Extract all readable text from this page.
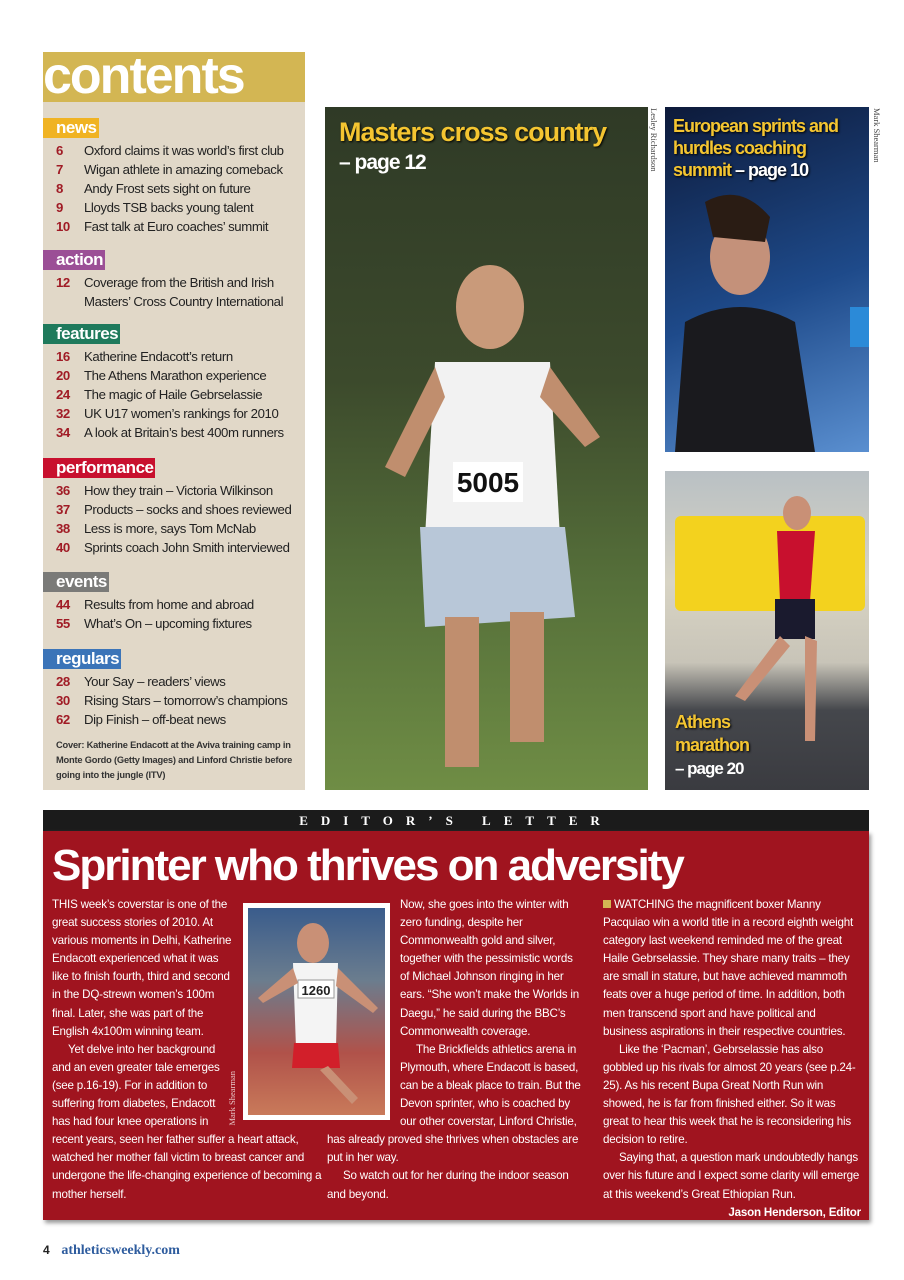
contents
news
6	Oxford claims it was world’s first club
7	Wigan athlete in amazing comeback
8	Andy Frost sets sight on future
9	Lloyds TSB backs young talent
10	Fast talk at Euro coaches’ summit
action
12	Coverage from the British and Irish Masters’ Cross Country International
features
16	Katherine Endacott’s return
20	The Athens Marathon experience
24	The magic of Haile Gebrselassie
32	UK U17 women’s rankings for 2010
34	A look at Britain’s best 400m runners
performance
36	How they train – Victoria Wilkinson
37	Products – socks and shoes reviewed
38	Less is more, says Tom McNab
40	Sprints coach John Smith interviewed
events
44	Results from home and abroad
55	What’s On – upcoming fixtures
regulars
28	Your Say – readers’ views
30	Rising Stars – tomorrow’s champions
62	Dip Finish – off-beat news
Cover: Katherine Endacott at the Aviva training camp in Monte Gordo (Getty Images) and Linford Christie before going into the jungle (ITV)
5005
Masters cross country
– page 12	Lesley Richardson European sprints and hurdles coaching summit – page 10
Mark Shearman
Athens marathon
– page 20
EDITOR’S LETTER
Sprinter who thrives on adversity

THIS week’s coverstar is one of the great success stories of 2010. At various moments in Delhi, Katherine Endacott experienced what it was like to finish fourth, third and second in the DQ-strewn women’s 100m final. Later, she was part of the English 4x100m winning team.

Yet delve into her background and an even greater tale emerges (see p.16-19). For in addition to suffering from diabetes, Endacott has had four knee operations in recent years, seen her father suffer a heart attack, watched her mother fall victim to breast cancer and undergone the life-changing experience of becoming a mother herself.

Now, she goes into the winter with zero funding, despite her Commonwealth gold and silver, together with the pessimistic words of Michael Johnson ringing in her ears. “She won’t make the Worlds in Daegu,” he said during the BBC’s Commonwealth coverage.

The Brickfields athletics arena in Plymouth, where Endacott is based, can be a bleak place to train. But the Devon sprinter, who is coached by our other coverstar, Linford Christie, has already proved she thrives when obstacles are put in her way.

So watch out for her during the indoor season and beyond.

WATCHING the magnificent boxer Manny Pacquiao win a world title in a record eighth weight category last weekend reminded me of the great Haile Gebrselassie. They share many traits – they are small in stature, but have achieved mammoth feats over a huge period of time. In addition, both men transcend sport and have political and business aspirations in their respective countries.

Like the ‘Pacman’, Gebrselassie has also gobbled up his rivals for almost 20 years (see p.24-25). As his recent Bupa Great North Run win showed, he is far from finished either. So it was great to hear this week that he is reconsidering his decision to retire.

Saying that, a question mark undoubtedly hangs over his future and I expect some clarity will emerge at this weekend’s Great Ethiopian Run.

Jason Henderson, Editor

1260
Mark Shearman
4 athleticsweekly.com
